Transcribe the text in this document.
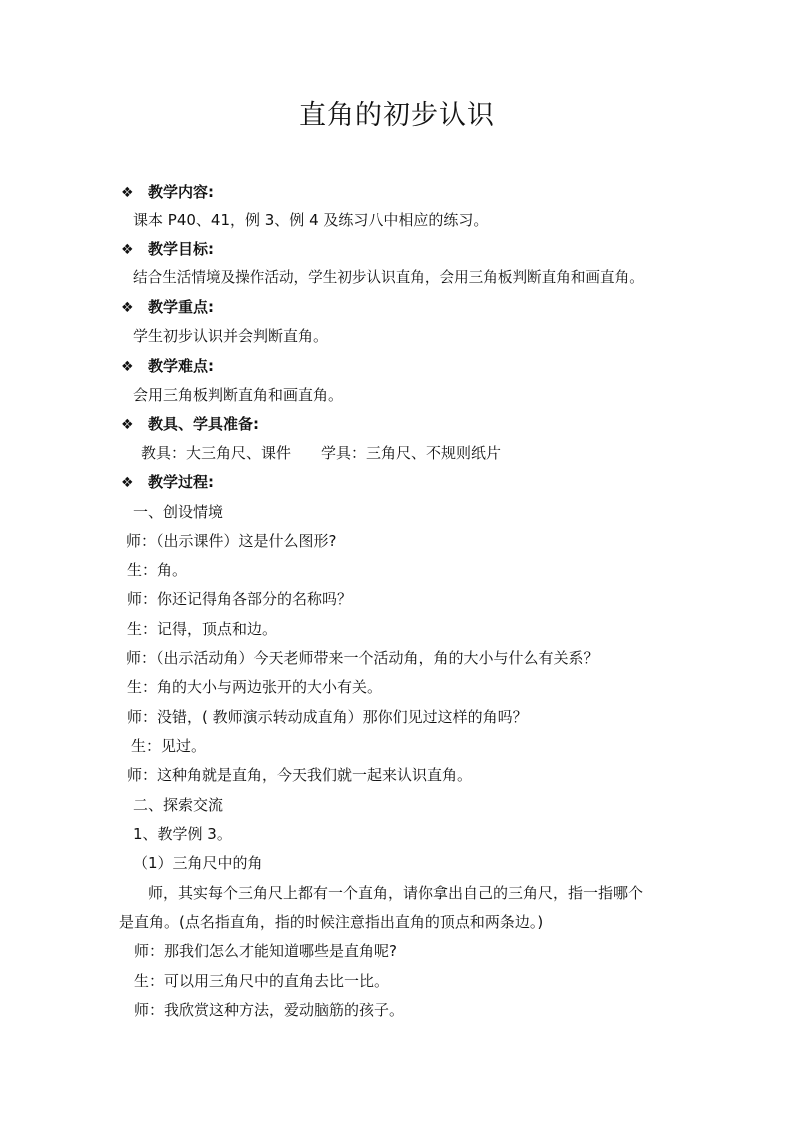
直角的初步认识
❖ 教学内容:
课本 P40、41，例 3、例 4 及练习八中相应的练习。
❖ 教学目标:
结合生活情境及操作活动，学生初步认识直角，会用三角板判断直角和画直角。
❖ 教学重点:
学生初步认识并会判断直角。
❖ 教学难点:
会用三角板判断直角和画直角。
❖ 教具、学具准备:
教具：大三角尺、课件 学具：三角尺、不规则纸片
❖ 教学过程:
一、创设情境
师：（出示课件）这是什么图形?
生：角。
师：你还记得角各部分的名称吗？
生：记得，顶点和边。
师：（出示活动角）今天老师带来一个活动角，角的大小与什么有关系？
生：角的大小与两边张开的大小有关。
师：没错，( 教师演示转动成直角）那你们见过这样的角吗？
生：见过。
师：这种角就是直角，今天我们就一起来认识直角。
二、探索交流
1、教学例 3。
（1）三角尺中的角
师，其实每个三角尺上都有一个直角，请你拿出自己的三角尺，指一指哪个
是直角。(点名指直角，指的时候注意指出直角的顶点和两条边。)
师：那我们怎么才能知道哪些是直角呢?
生：可以用三角尺中的直角去比一比。
师：我欣赏这种方法，爱动脑筋的孩子。
